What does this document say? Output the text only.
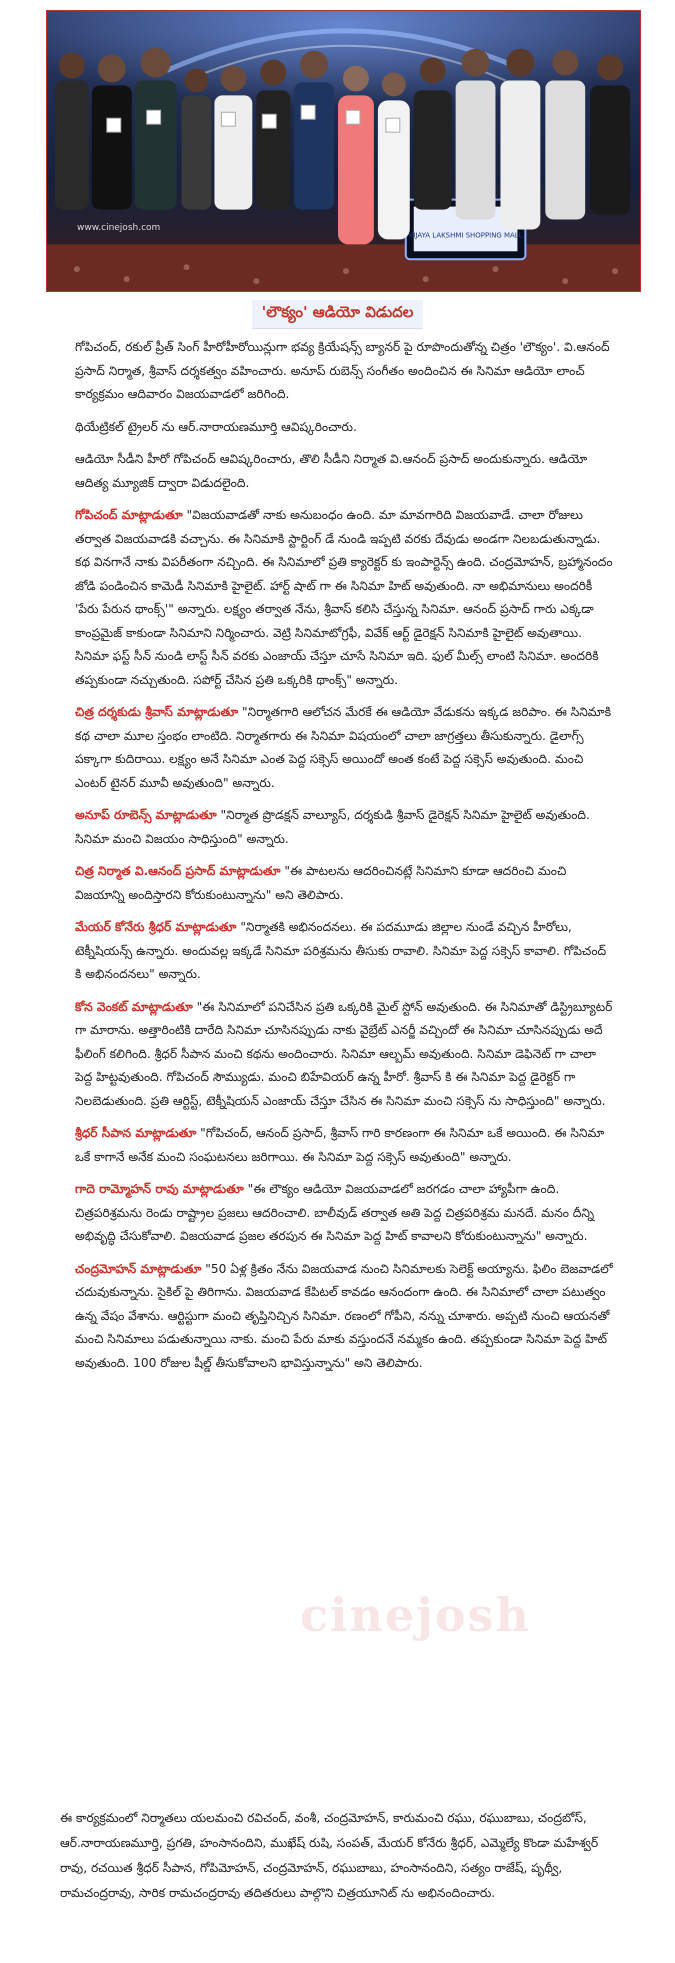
VIJAYA LAKSHMI SHOPPING MALL
www.cinejosh.com
'లౌక్యం' ఆడియో విడుదల

గోపిచంద్, రకుల్ ప్రీత్ సింగ్ హీరోహీరోయిన్లుగా భవ్య క్రియేషన్స్ బ్యానర్ పై రూపొందుతోన్న చిత్రం 'లౌక్యం'. వి.ఆనంద్ ప్రసాద్ నిర్మాత, శ్రీవాస్ దర్శకత్వం వహించారు. అనూప్ రుబెన్స్ సంగీతం అందించిన ఈ సినిమా ఆడియో లాంచ్ కార్యక్రమం ఆదివారం విజయవాడలో జరిగింది.

థియేట్రికల్ ట్రైలర్ ను ఆర్.నారాయణమూర్తి ఆవిష్కరించారు.

ఆడియో సీడీని హీరో గోపిచంద్ ఆవిష్కరించారు, తొలి సీడీని నిర్మాత వి.ఆనంద్ ప్రసాద్ అందుకున్నారు. ఆడియో ఆదిత్య మ్యూజిక్ ద్వారా విడుదలైంది.

గోపిచంద్ మాట్లాడుతూ "విజయవాడతో నాకు అనుబంధం ఉంది. మా మావగారిది విజయవాడే. చాలా రోజులు తర్వాత విజయవాడకి వచ్చాను. ఈ సినిమాకి స్టార్టింగ్ డే నుండి ఇప్పటి వరకు దేవుడు అండగా నిలబడుతున్నాడు. కథ వినగానే నాకు విపరీతంగా నచ్చింది. ఈ సినిమాలో ప్రతి క్యారెక్టర్ కు ఇంపార్టెన్స్ ఉంది. చంద్రమోహన్, బ్రహ్మానందం జోడి పండించిన కామెడీ సినిమాకి హైలైట్. హార్ట్ షాట్ గా ఈ సినిమా హిట్ అవుతుంది. నా అభిమానులు అందరికీ 'పేరు పేరున థాంక్స్'" అన్నారు. లక్ష్యం తర్వాత నేను, శ్రీవాస్ కలిసి చేస్తున్న సినిమా. ఆనంద్ ప్రసాద్ గారు ఎక్కడా కాంప్రమైజ్ కాకుండా సినిమాని నిర్మించారు. వెట్రి సినిమాటోగ్రఫీ, వివేక్ ఆర్ట్ డైరెక్షన్ సినిమాకి హైలైట్ అవుతాయి. సినిమా ఫస్ట్ సీన్ నుండి లాస్ట్ సీన్ వరకు ఎంజాయ్ చేస్తూ చూసే సినిమా ఇది. ఫుల్ మీల్స్ లాంటి సినిమా. అందరికి తప్పకుండా నచ్చుతుంది. సపోర్ట్ చేసిన ప్రతి ఒక్కరికి థాంక్స్" అన్నారు.

చిత్ర దర్శకుడు శ్రీవాస్ మాట్లాడుతూ "నిర్మాతగారి ఆలోచన మేరకే ఈ ఆడియో వేడుకను ఇక్కడ జరిపాం. ఈ సినిమాకి కథ చాలా మూల స్తంభం లాంటిది. నిర్మాతగారు ఈ సినిమా విషయంలో చాలా జాగ్రత్తలు తీసుకున్నారు. డైలాగ్స్ పక్కాగా కుదిరాయి. లక్ష్యం అనే సినిమా ఎంత పెద్ద సక్సెస్ అయిందో అంత కంటే పెద్ద సక్సెస్ అవుతుంది. మంచి ఎంటర్ టైనర్ మూవీ అవుతుంది" అన్నారు.

అనూప్ రూబెన్స్ మాట్లాడుతూ "నిర్మాత ప్రొడక్షన్ వాల్యూస్, దర్శకుడి శ్రీవాస్ డైరెక్షన్ సినిమా హైలైట్ అవుతుంది. సినిమా మంచి విజయం సాధిస్తుంది" అన్నారు.

చిత్ర నిర్మాత వి.ఆనంద్ ప్రసాద్ మాట్లాడుతూ "ఈ పాటలను ఆదరించినట్లే సినిమాని కూడా ఆదరించి మంచి విజయాన్ని అందిస్తారని కోరుకుంటున్నాను" అని తెలిపారు.

మేయర్ కోనేరు శ్రీధర్ మాట్లాడుతూ "నిర్మాతకి అభినందనలు. ఈ పదమూడు జిల్లాల నుండే వచ్చిన హీరోలు, టెక్నీషియన్స్ ఉన్నారు. అందువల్ల ఇక్కడే సినిమా పరిశ్రమను తీసుకు రావాలి. సినిమా పెద్ద సక్సెస్ కావాలి. గోపిచంద్ కి అభినందనలు" అన్నారు.

కోన వెంకట్ మాట్లాడుతూ "ఈ సినిమాలో పనిచేసిన ప్రతి ఒక్కరికి మైల్ స్టోన్ అవుతుంది. ఈ సినిమాతో డిస్ట్రిబ్యూటర్ గా మారాను. అత్తారింటికి దారేది సినిమా చూసినప్పుడు నాకు వైబ్రేట్ ఎనర్జీ వచ్చిందో ఈ సినిమా చూసినప్పుడు అదే ఫీలింగ్ కలిగింది. శ్రీధర్ సీపాన మంచి కథను అందించారు. సినిమా ఆల్బమ్ అవుతుంది. సినిమా డెఫినెట్ గా చాలా పెద్ద హిట్టవుతుంది. గోపిచంద్ సౌమ్యుడు. మంచి బిహేవియర్ ఉన్న హీరో. శ్రీవాస్ కి ఈ సినిమా పెద్ద డైరెక్టర్ గా నిలబెడుతుంది. ప్రతి ఆర్టిస్ట్, టెక్నీషియన్ ఎంజాయ్ చేస్తూ చేసిన ఈ సినిమా మంచి సక్సెస్ ను సాధిస్తుంది" అన్నారు.

శ్రీధర్ సీపాన మాట్లాడుతూ "గోపిచంద్, ఆనంద్ ప్రసాద్, శ్రీవాస్ గారి కారణంగా ఈ సినిమా ఒకే అయింది. ఈ సినిమా ఒకే కాగానే అనేక మంచి సంఘటనలు జరిగాయి. ఈ సినిమా పెద్ద సక్సెస్ అవుతుంది" అన్నారు.

గాదె రామ్మోహన్ రావు మాట్లాడుతూ "ఈ లౌక్యం ఆడియో విజయవాడలో జరగడం చాలా హ్యాపీగా ఉంది. చిత్రపరిశ్రమను రెండు రాష్ట్రాల ప్రజలు ఆదరించాలి. బాలీవుడ్ తర్వాత అతి పెద్ద చిత్రపరిశ్రమ మనదే. మనం దీన్ని అభివృద్ధి చేసుకోవాలి. విజయవాడ ప్రజల తరపున ఈ సినిమా పెద్ద హిట్ కావాలని కోరుకుంటున్నాను" అన్నారు.

చంద్రమోహన్ మాట్లాడుతూ "50 ఏళ్ల క్రితం నేను విజయవాడ నుంచి సినిమాలకు సెలెక్ట్ అయ్యాను. ఫిలిం బెజవాడలో చదువుకున్నాను. సైకిల్ పై తిరిగాను. విజయవాడ కేపిటల్ కావడం ఆనందంగా ఉంది. ఈ సినిమాలో చాలా పటుత్వం ఉన్న వేషం వేశాను. ఆర్టిస్టుగా మంచి తృప్తినిచ్చిన సినిమా. రణంలో గోపీని, నన్ను చూశారు. అప్పటి నుంచి ఆయనతో మంచి సినిమాలు పడుతున్నాయి నాకు. మంచి పేరు మాకు వస్తుందనే నమ్మకం ఉంది. తప్పకుండా సినిమా పెద్ద హిట్ అవుతుంది. 100 రోజుల షీల్డ్ తీసుకోవాలని భావిస్తున్నాను" అని తెలిపారు.

cinejosh
ఈ కార్యక్రమంలో నిర్మాతలు యలమంచి రవిచంద్, వంశీ, చంద్రమోహన్, కారుమంచి రఘు, రఘుబాబు, చంద్రబోస్, ఆర్.నారాయణమూర్తి, ప్రగతి, హంసానందిని, ముఖేష్ రుషి, సంపత్, మేయర్ కోనేరు శ్రీధర్, ఎమ్మెల్యే కొండా మహేశ్వర్ రావు, రచయిత శ్రీధర్ సీపాన, గోపిమోహన్, చంద్రమోహన్, రఘుబాబు, హంసానందిని, సత్యం రాజేష్, పృథ్వీ, రామచంద్రరావు, సారిక రామచంద్రరావు తదితరులు పాల్గొని చిత్రయూనిట్ ను అభినందించారు.
